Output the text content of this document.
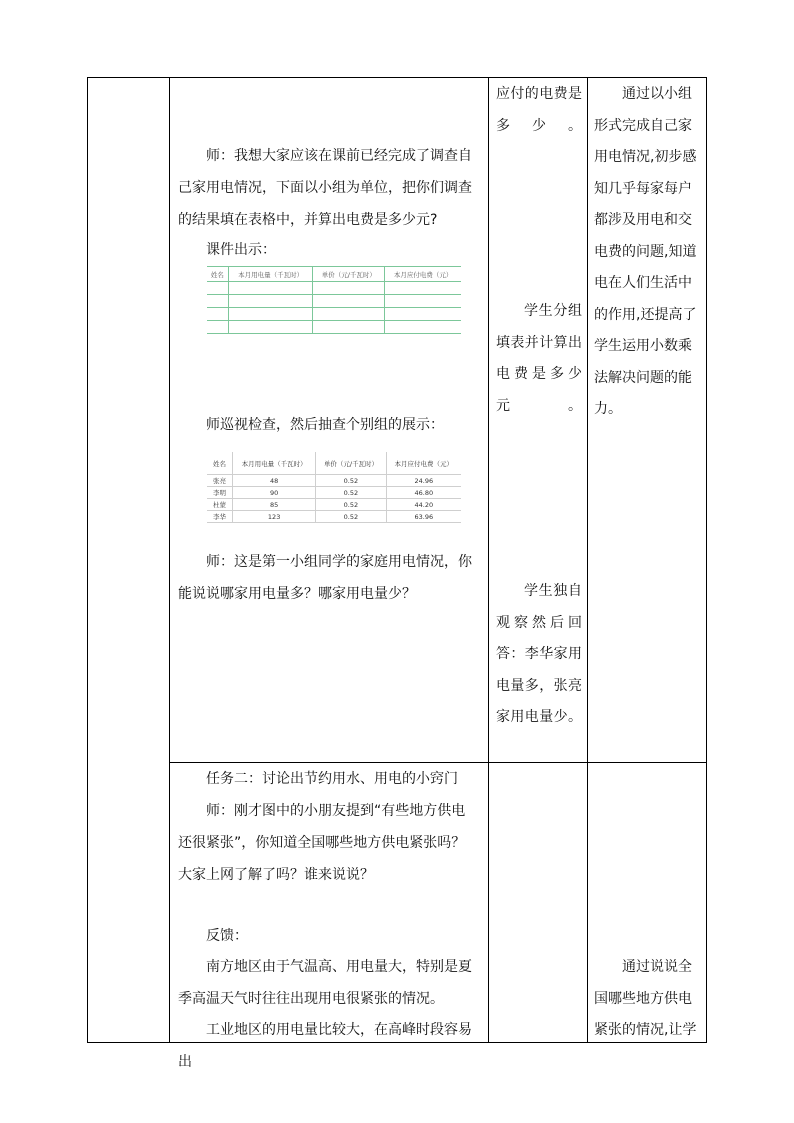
师：我想大家应该在课前已经完成了调查自己家用电情况，下面以小组为单位，把你们调查的结果填在表格中，并算出电费是多少元?

课件出示：

姓名	本月用电量（千瓦时）	单价（元/千瓦时）	本月应付电费（元）

师巡视检查，然后抽查个别组的展示：

姓名	本月用电量（千瓦时）	单价（元/千瓦时）	本月应付电费（元）
张亮	48	0.52	24.96
李明	90	0.52	46.80
杜蒙	85	0.52	44.20
李华	123	0.52	63.96

师：这是第一小组同学的家庭用电情况，你能说说哪家用电量多？哪家用电量少？

任务二：讨论出节约用水、用电的小窍门

师：刚才图中的小朋友提到“有些地方供电还很紧张”，你知道全国哪些地方供电紧张吗？大家上网了解了吗？谁来说说？

反馈：

南方地区由于气温高、用电量大，特别是夏季高温天气时往往出现用电很紧张的情况。

工业地区的用电量比较大，在高峰时段容易出

应付的电费是多少。

学生分组填表并计算出电费是多少元。

学生独自观察然后回答：李华家用电量多，张亮家用电量少。

通过以小组形式完成自己家用电情况,初步感知几乎每家每户都涉及用电和交电费的问题,知道电在人们生活中的作用,还提高了学生运用小数乘法解决问题的能力。

通过说说全国哪些地方供电紧张的情况,让学
